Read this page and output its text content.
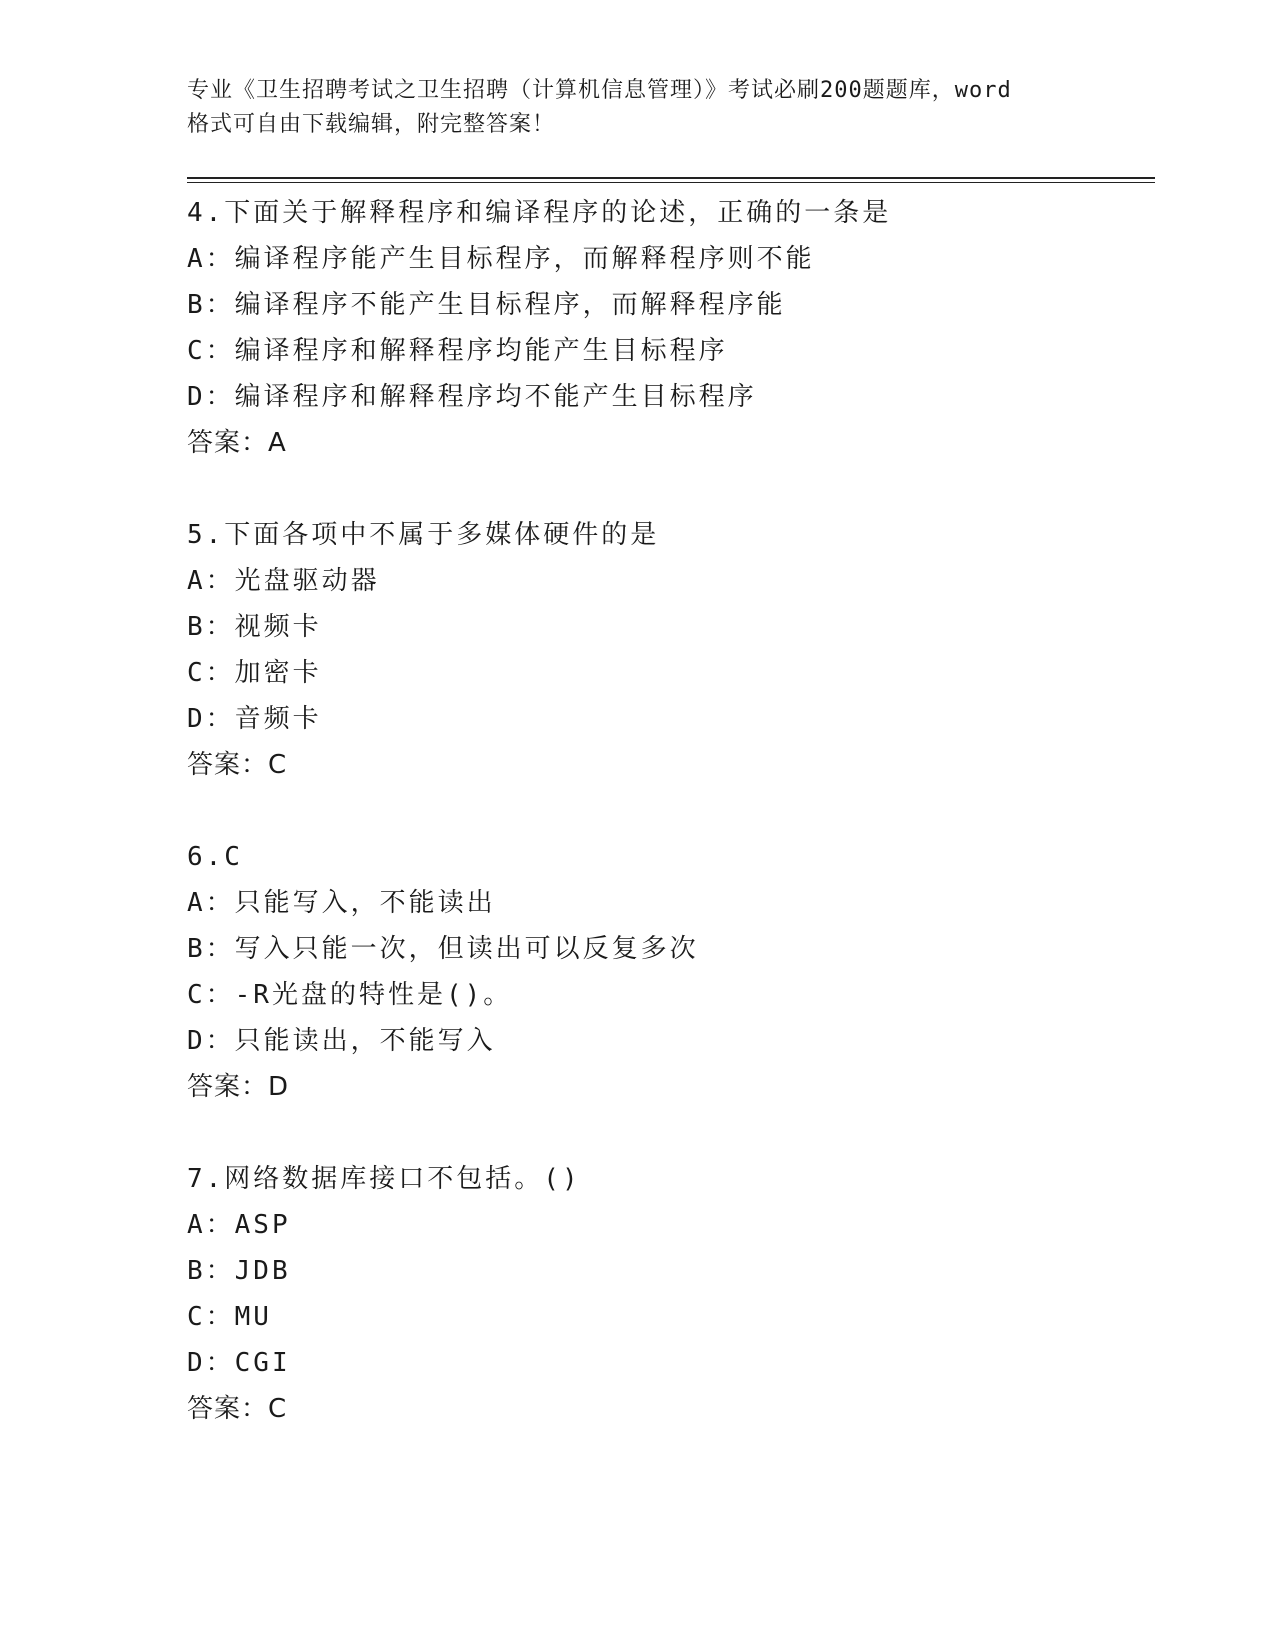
专业《卫生招聘考试之卫生招聘（计算机信息管理）》考试必刷200题题库，word
格式可自由下载编辑，附完整答案！
4.下面关于解释程序和编译程序的论述，正确的一条是
A：编译程序能产生目标程序，而解释程序则不能
B：编译程序不能产生目标程序，而解释程序能
C：编译程序和解释程序均能产生目标程序
D：编译程序和解释程序均不能产生目标程序
答案：A
5.下面各项中不属于多媒体硬件的是
A：光盘驱动器
B：视频卡
C：加密卡
D：音频卡
答案：C
6.C
A：只能写入，不能读出
B：写入只能一次，但读出可以反复多次
C：-R光盘的特性是()。
D：只能读出，不能写入
答案：D
7.网络数据库接口不包括。()
A：ASP
B：JDB
C：MU
D：CGI
答案：C
